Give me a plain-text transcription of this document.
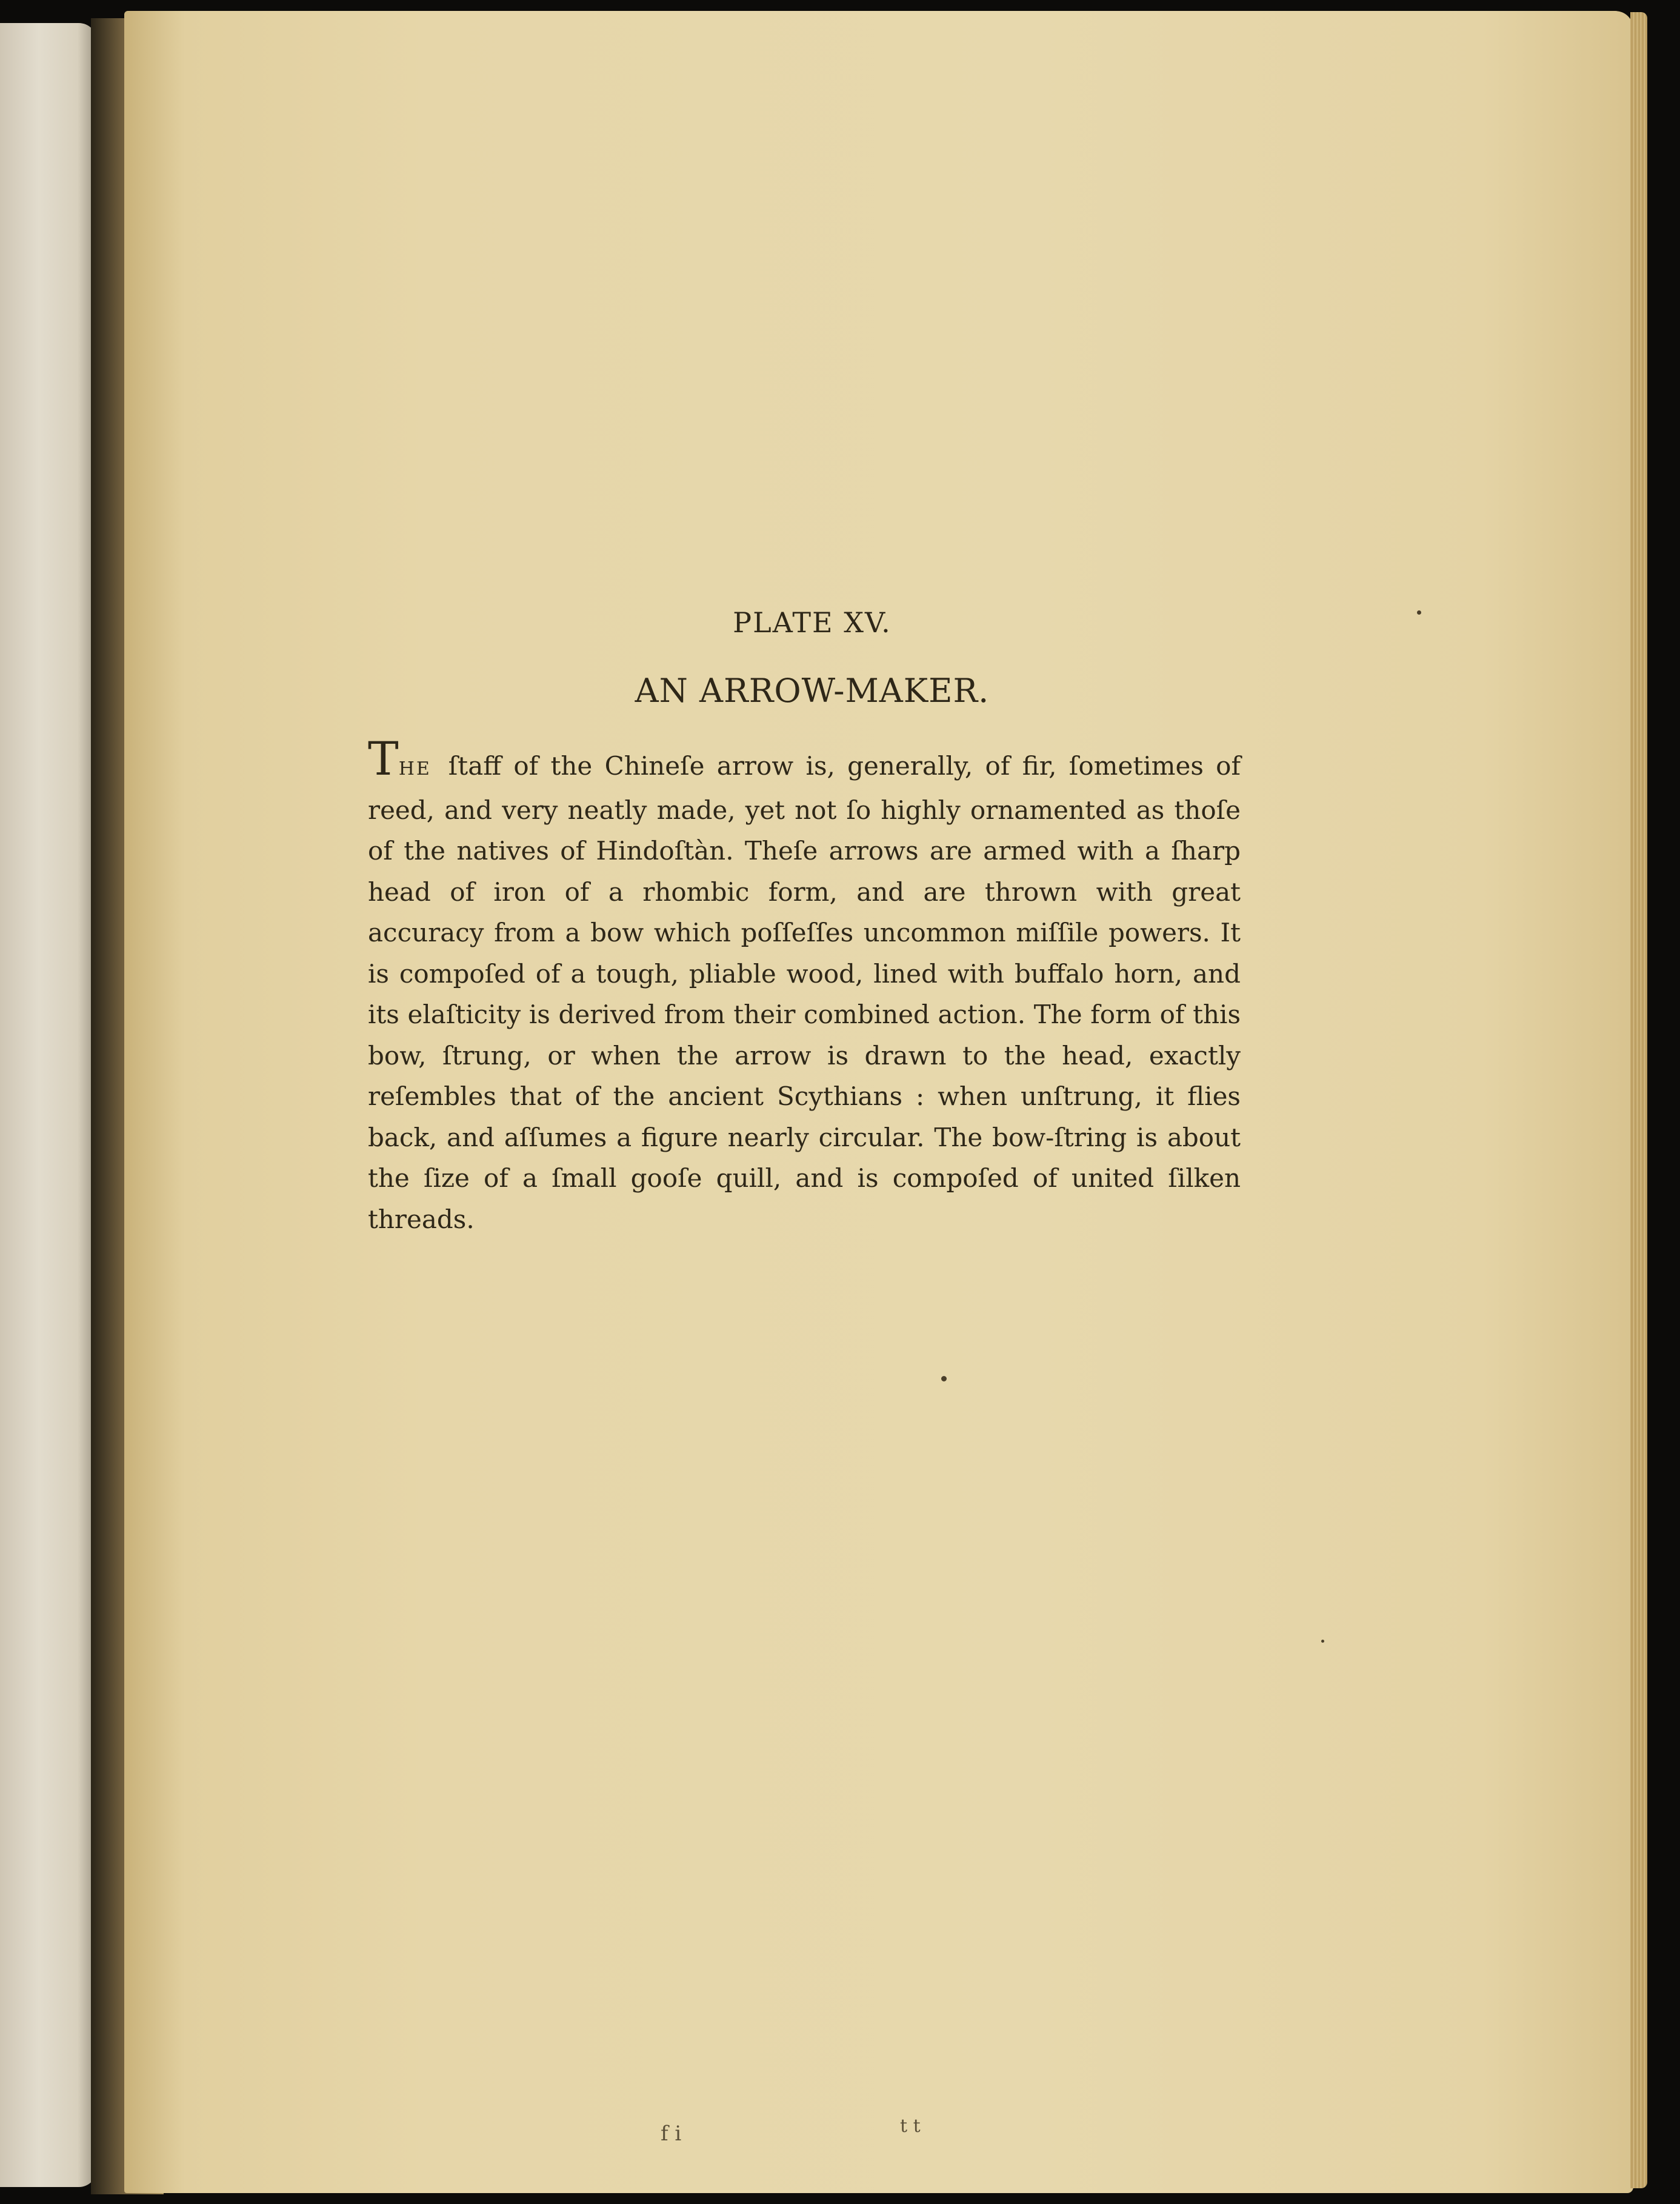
PLATE XV.
AN ARROW-MAKER.

THE ſtaff of the Chineſe arrow is, generally, of fir, ſometimes of reed, and very neatly made, yet not ſo highly ornamented as thoſe of the natives of Hindoſtàn. Theſe arrows are armed with a ſharp head of iron of a rhombic form, and are thrown with great accuracy from a bow which poſſeſſes uncommon miſſile powers. It is compoſed of a tough, pliable wood, lined with buffalo horn, and its elaſticity is derived from their combined action. The form of this bow, ſtrung, or when the arrow is drawn to the head, exactly reſembles that of the ancient Scythians : when unſtrung, it flies back, and aſſumes a figure nearly circular. The bow-ſtring is about the ſize of a ſmall gooſe quill, and is compoſed of united ſilken threads.

f i	t t
